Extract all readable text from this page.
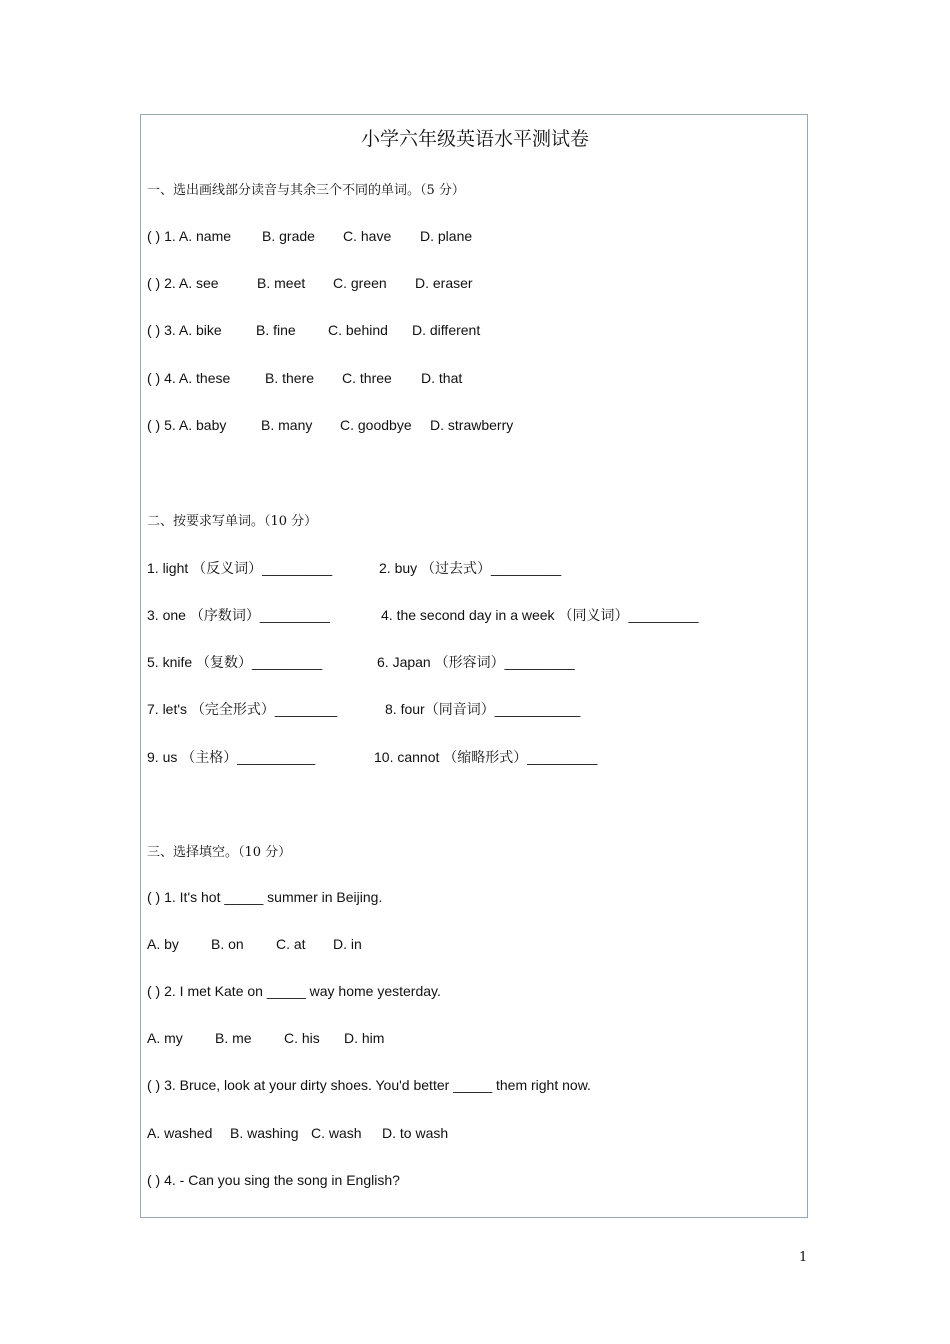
小学六年级英语水平测试卷
一、选出画线部分读音与其余三个不同的单词。（5 分）
( ) 1. A. name B. grade C. have D. plane
( ) 2. A. see	B. meet C. green D. eraser
( ) 3. A. bike B. fine C. behind D. different
( ) 4. A. these B. there C. three D. that
( ) 5. A. baby B. many C. goodbye D. strawberry
二、按要求写单词。（10 分）
1. light （反义词）_________	2. buy （过去式）_________
3. one （序数词）_________	4. the second day in a week （同义词）_________
5. knife （复数）_________	6. Japan （形容词）_________
7. let's （完全形式）________	8. four（同音词）___________
9. us （主格）__________	10. cannot （缩略形式）_________
三、选择填空。（10 分）
( ) 1. It's hot _____ summer in Beijing.
A. by B. on C. at D. in
( ) 2. I met Kate on _____ way home yesterday.
A. my B. me C. his D. him
( ) 3. Bruce, look at your dirty shoes. You'd better _____ them right now.
A. washed B. washing C. wash D. to wash
( ) 4. - Can you sing the song in English?
1
